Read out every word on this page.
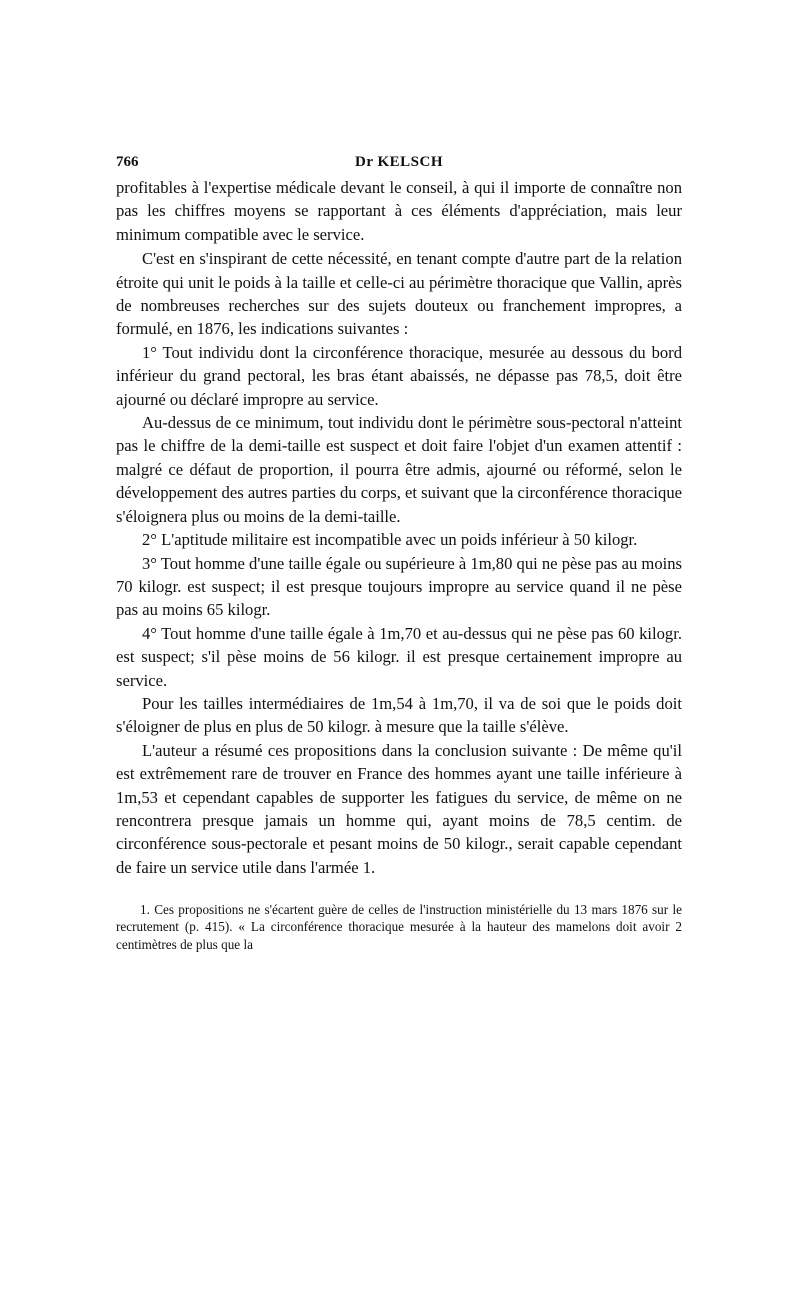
766	Dr KELSCH

profitables à l'expertise médicale devant le conseil, à qui il importe de connaître non pas les chiffres moyens se rapportant à ces éléments d'appréciation, mais leur minimum compatible avec le service.

C'est en s'inspirant de cette nécessité, en tenant compte d'autre part de la relation étroite qui unit le poids à la taille et celle-ci au périmètre thoracique que Vallin, après de nombreuses recherches sur des sujets douteux ou franchement impropres, a formulé, en 1876, les indications suivantes :

1° Tout individu dont la circonférence thoracique, mesurée au dessous du bord inférieur du grand pectoral, les bras étant abaissés, ne dépasse pas 78,5, doit être ajourné ou déclaré impropre au service.

Au-dessus de ce minimum, tout individu dont le périmètre sous-pectoral n'atteint pas le chiffre de la demi-taille est suspect et doit faire l'objet d'un examen attentif : malgré ce défaut de proportion, il pourra être admis, ajourné ou réformé, selon le développement des autres parties du corps, et suivant que la circonférence thoracique s'éloignera plus ou moins de la demi-taille.

2° L'aptitude militaire est incompatible avec un poids inférieur à 50 kilogr.

3° Tout homme d'une taille égale ou supérieure à 1m,80 qui ne pèse pas au moins 70 kilogr. est suspect; il est presque toujours impropre au service quand il ne pèse pas au moins 65 kilogr.

4° Tout homme d'une taille égale à 1m,70 et au-dessus qui ne pèse pas 60 kilogr. est suspect; s'il pèse moins de 56 kilogr. il est presque certainement impropre au service.

Pour les tailles intermédiaires de 1m,54 à 1m,70, il va de soi que le poids doit s'éloigner de plus en plus de 50 kilogr. à mesure que la taille s'élève.

L'auteur a résumé ces propositions dans la conclusion suivante : De même qu'il est extrêmement rare de trouver en France des hommes ayant une taille inférieure à 1m,53 et cependant capables de supporter les fatigues du service, de même on ne rencontrera presque jamais un homme qui, ayant moins de 78,5 centim. de circonférence sous-pectorale et pesant moins de 50 kilogr., serait capable cependant de faire un service utile dans l'armée 1.

1. Ces propositions ne s'écartent guère de celles de l'instruction ministérielle du 13 mars 1876 sur le recrutement (p. 415). « La circonférence thoracique mesurée à la hauteur des mamelons doit avoir 2 centimètres de plus que la
